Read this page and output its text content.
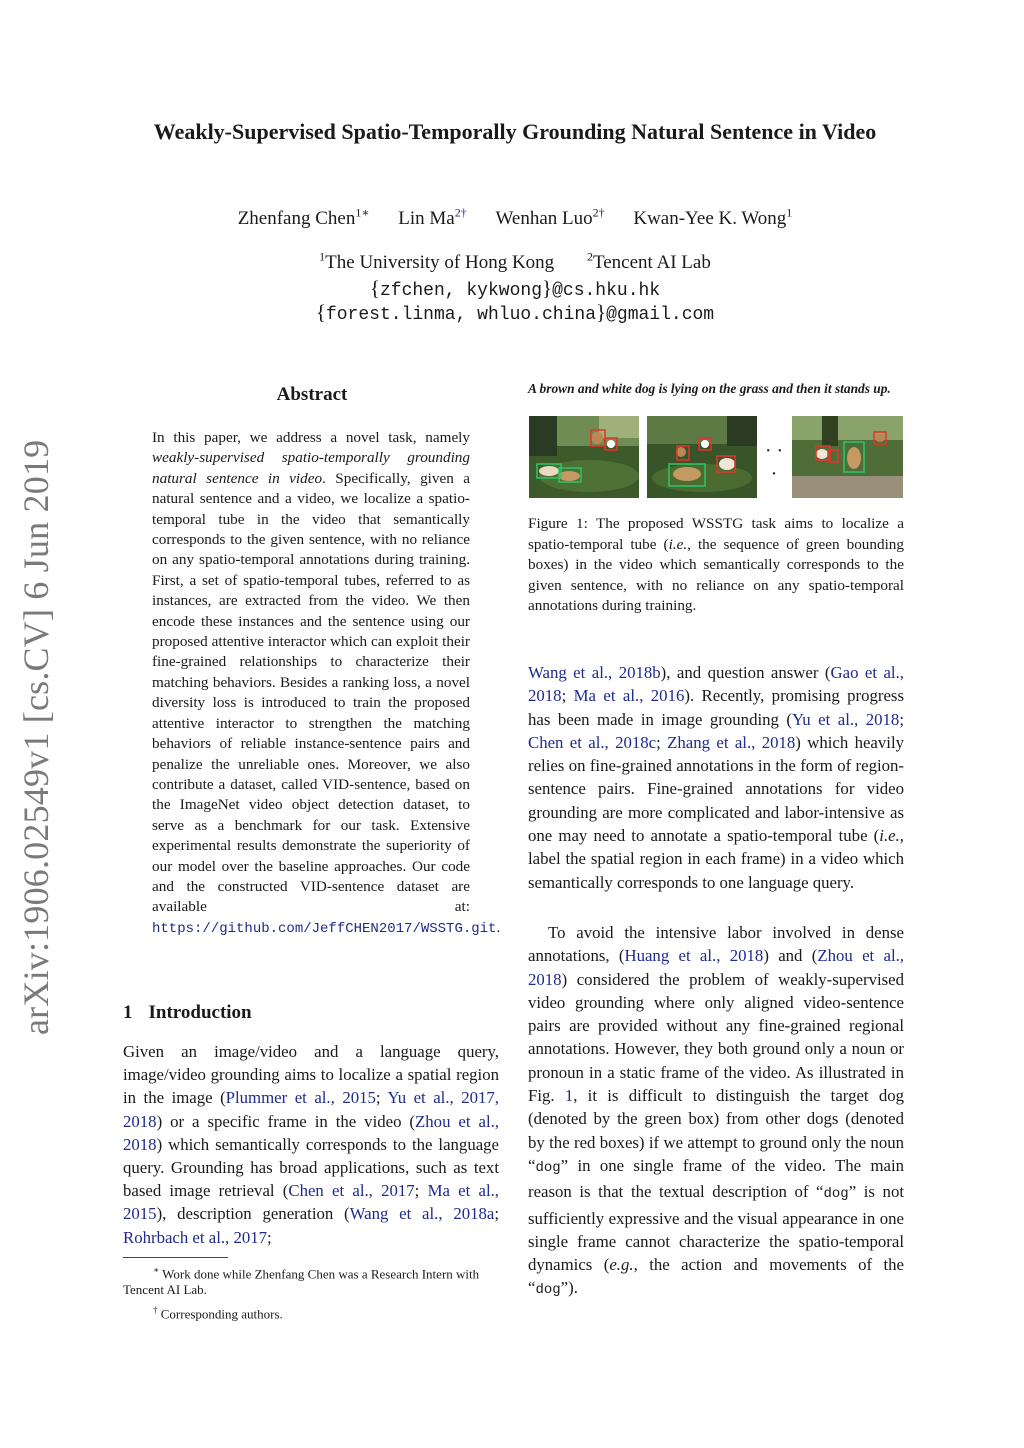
arXiv:1906.02549v1 [cs.CV] 6 Jun 2019
Weakly-Supervised Spatio-Temporally Grounding Natural Sentence in Video
Zhenfang Chen$^{1∗}$ Lin $Ma^{2\dagger}$ Wenhan Luo$^{2\dagger}$ Kwan-Yee K. Wong$^1$
$^1$The University of Hong Kong	$^2$Tencent AI Lab
{zfchen, kykwong}@cs.hku.hk
{forest.linma, whluo.china}@gmail.com
Abstract
In this paper, we address a novel task, namely weakly-supervised spatio-temporally grounding natural sentence in video. Specifically, given a natural sentence and a video, we localize a spatio-temporal tube in the video that semantically corresponds to the given sentence, with no reliance on any spatio-temporal annotations during training. First, a set of spatio-temporal tubes, referred to as instances, are extracted from the video. We then encode these instances and the sentence using our proposed attentive interactor which can exploit their fine-grained relationships to characterize their matching behaviors. Besides a ranking loss, a novel diversity loss is introduced to train the proposed attentive interactor to strengthen the matching behaviors of reliable instance-sentence pairs and penalize the unreliable ones. Moreover, we also contribute a dataset, called VID-sentence, based on the ImageNet video object detection dataset, to serve as a benchmark for our task. Extensive experimental results demonstrate the superiority of our model over the baseline approaches. Our code and the constructed VID-sentence dataset are available at: https://github.com/JeffCHEN2017/WSSTG.git.
1 Introduction
Given an image/video and a language query, image/video grounding aims to localize a spatial region in the image (Plummer et al., 2015; Yu et al., 2017, 2018) or a specific frame in the video (Zhou et al., 2018) which semantically corresponds to the language query. Grounding has broad applications, such as text based image retrieval (Chen et al., 2017; Ma et al., 2015), description generation (Wang et al., 2018a; Rohrbach et al., 2017;
∗ Work done while Zhenfang Chen was a Research Intern with Tencent AI Lab.
† Corresponding authors.
A brown and white dog is lying on the grass and then it stands up.
· · ·
Figure 1: The proposed WSSTG task aims to localize a spatio-temporal tube (i.e., the sequence of green bounding boxes) in the video which semantically corresponds to the given sentence, with no reliance on any spatio-temporal annotations during training.
Wang et al., 2018b), and question answer (Gao et al., 2018; Ma et al., 2016). Recently, promising progress has been made in image grounding (Yu et al., 2018; Chen et al., 2018c; Zhang et al., 2018) which heavily relies on fine-grained annotations in the form of region-sentence pairs. Fine-grained annotations for video grounding are more complicated and labor-intensive as one may need to annotate a spatio-temporal tube (i.e., label the spatial region in each frame) in a video which semantically corresponds to one language query.
To avoid the intensive labor involved in dense annotations, (Huang et al., 2018) and (Zhou et al., 2018) considered the problem of weakly-supervised video grounding where only aligned video-sentence pairs are provided without any fine-grained regional annotations. However, they both ground only a noun or pronoun in a static frame of the video. As illustrated in Fig. 1, it is difficult to distinguish the target dog (denoted by the green box) from other dogs (denoted by the red boxes) if we attempt to ground only the noun “dog” in one single frame of the video. The main reason is that the textual description of “dog” is not sufficiently expressive and the visual appearance in one single frame cannot characterize the spatio-temporal dynamics (e.g., the action and movements of the “dog”).
